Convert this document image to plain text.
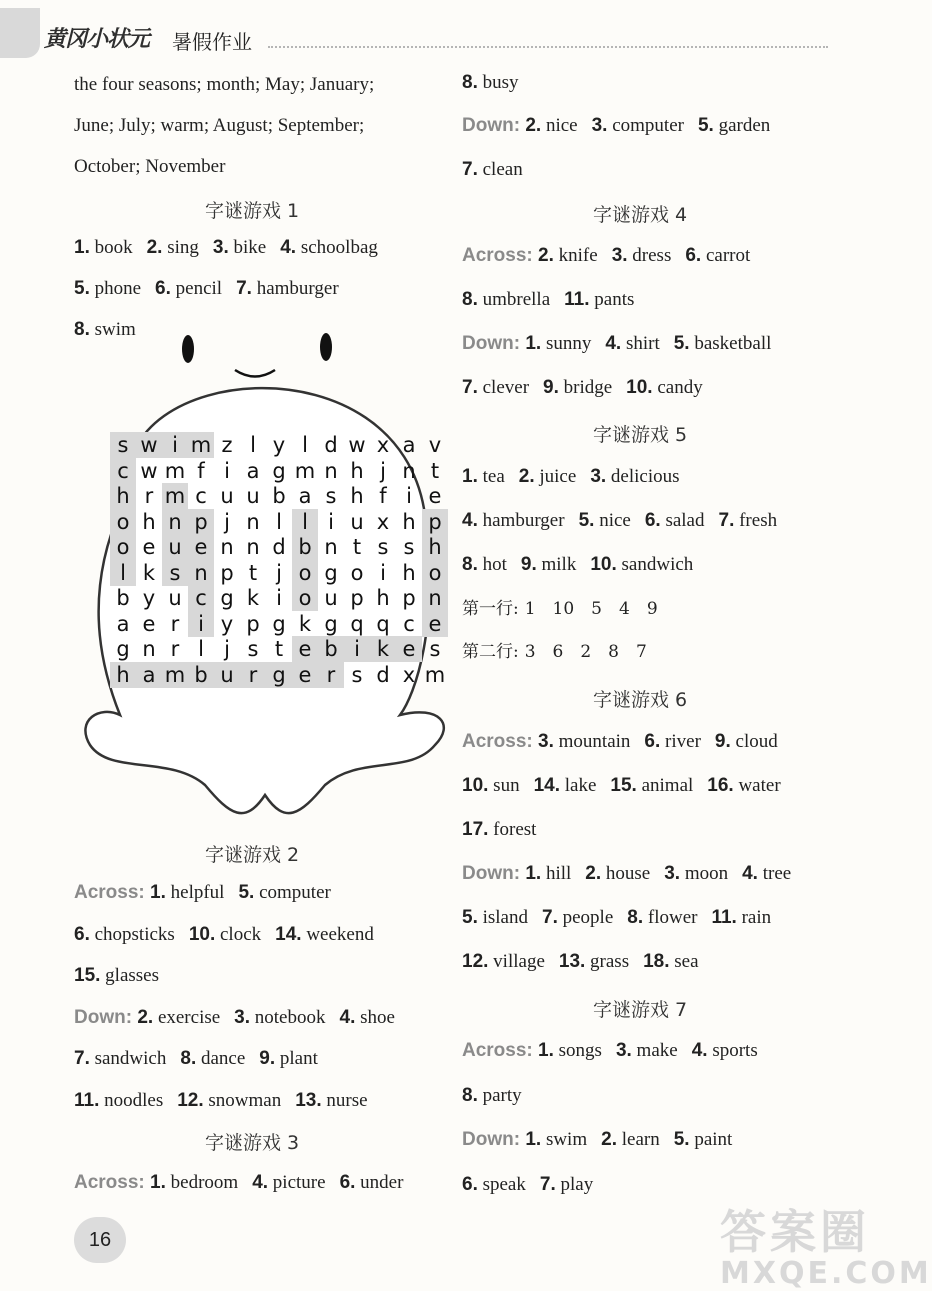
黄冈小状元 暑假作业
s w i m z l y l d w x a v
c w m f i a g m n h j n t
h r m c u u b a s h f i e
o h n p j n l l i u x h p
o e u e n n d b n t s s h
l k s n p t j o g o i h o
b y u c g k i o u p h p n
a e r i y p g k g q q c e
g n r l j s t e b i k e s
h a m b u r g e r s d x m
16	答案圈
MXQE.COM
the four seasons; month; May; January;
June; July; warm; August; September;
October; November
字谜游戏 1
1. book 2. sing 3. bike 4. schoolbag
5. phone 6. pencil 7. hamburger
8. swim
字谜游戏 2
Across: 1. helpful 5. computer
6. chopsticks 10. clock 14. weekend
15. glasses
Down: 2. exercise 3. notebook 4. shoe
7. sandwich 8. dance 9. plant
11. noodles 12. snowman 13. nurse
字谜游戏 3
Across: 1. bedroom 4. picture 6. under
8. busy
Down: 2. nice 3. computer 5. garden
7. clean
字谜游戏 4
Across: 2. knife 3. dress 6. carrot
8. umbrella 11. pants
Down: 1. sunny 4. shirt 5. basketball
7. clever 9. bridge 10. candy
字谜游戏 5
1. tea 2. juice 3. delicious
4. hamburger 5. nice 6. salad 7. fresh
8. hot 9. milk 10. sandwich
第一行: 1　10　5　4　9
第二行: 3　6　2　8　7
字谜游戏 6
Across: 3. mountain 6. river 9. cloud
10. sun 14. lake 15. animal 16. water
17. forest
Down: 1. hill 2. house 3. moon 4. tree
5. island 7. people 8. flower 11. rain
12. village 13. grass 18. sea
字谜游戏 7
Across: 1. songs 3. make 4. sports
8. party
Down: 1. swim 2. learn 5. paint
6. speak 7. play
